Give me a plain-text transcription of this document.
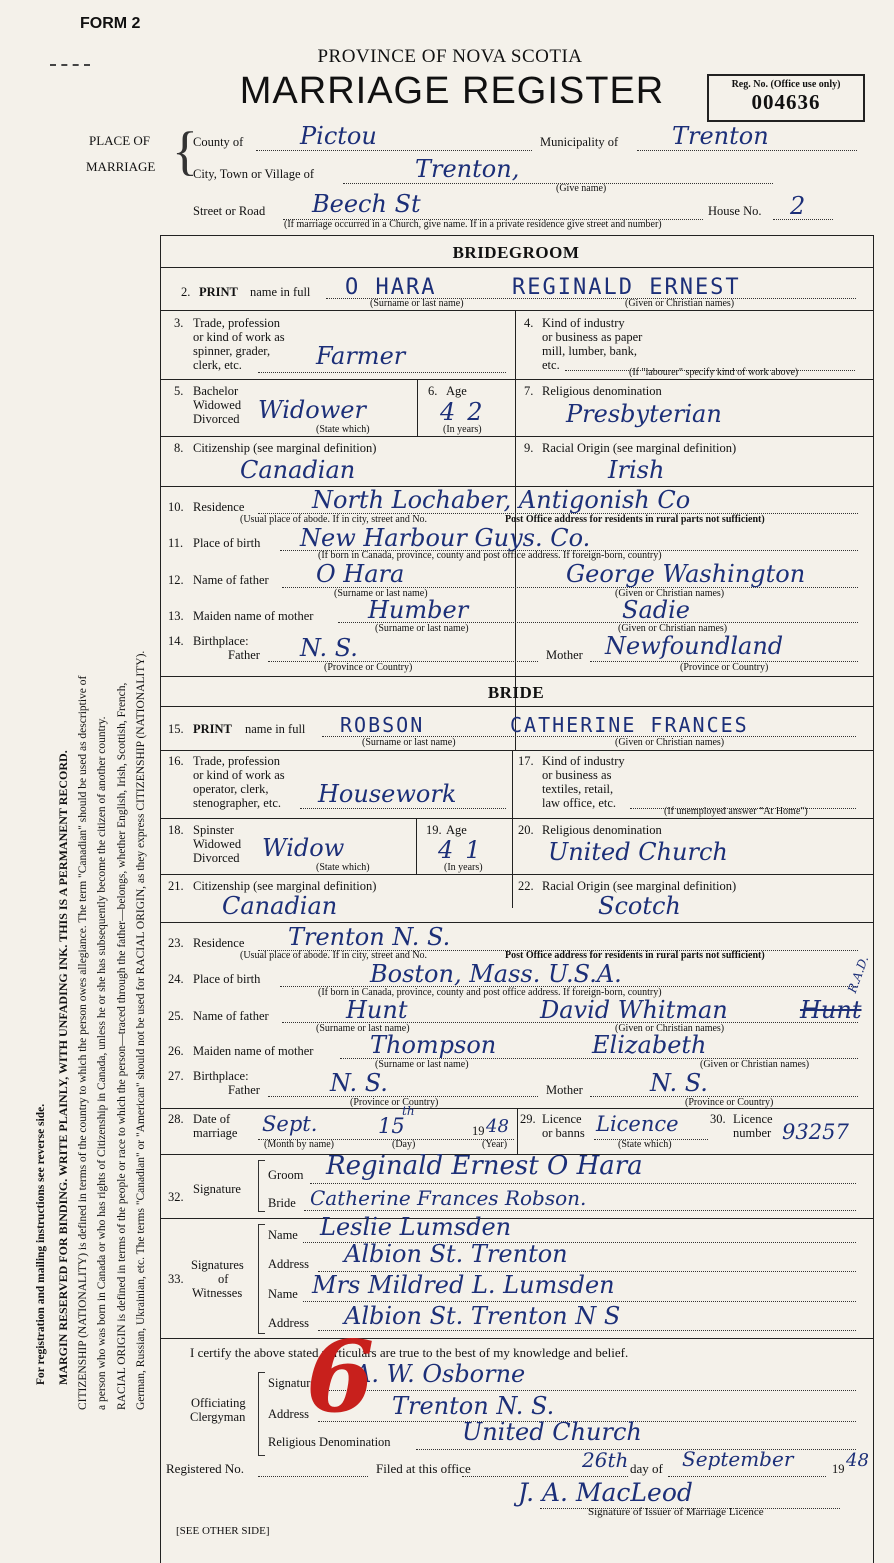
FORM 2
PROVINCE OF NOVA SCOTIA
MARRIAGE REGISTER	Reg. No. (Office use only)
004636
PLACE OF
MARRIAGE {
County of Pictou	Municipality of Trenton
City, Town or Village of	Trenton,
(Give name)
Street or Road Beech St	House No. 2
(If marriage occurred in a Church, give name. If in a private residence give street and number)
For registration and mailing instructions see reverse side. MARGIN RESERVED FOR BINDING. WRITE PLAINLY, WITH UNFADING INK. THIS IS A PERMANENT RECORD. CITIZENSHIP (NATIONALITY) is defined in terms of the country to which the person owes allegiance. The term "Canadian" should be used as descriptive of a person who was born in Canada or who has rights of Citizenship in Canada, unless he or she has subsequently become the citizen of another country. RACIAL ORIGIN is defined in terms of the people or race to which the person—traced through the father—belongs, whether English, Irish, Scottish, French, German, Russian, Ukrainian, etc. The terms "Canadian" or "American" should not be used for RACIAL ORIGIN, as they express CITIZENSHIP (NATIONALITY).
BRIDEGROOM
2. PRINT name in full O HARA	REGINALD ERNEST
(Surname or last name)	(Given or Christian names)
3. Trade, profession
or kind of work as
spinner, grader,
clerk, etc.	Farmer
4. Kind of industry
or business as paper
mill, lumber, bank,
etc.
(If "labourer" specify kind of work above)
5. Bachelor
Widowed
Divorced Widower
(State which)
6. Age
42
(In years)
7. Religious denomination
Presbyterian
8. Citizenship (see marginal definition)
Canadian
9. Racial Origin (see marginal definition)
Irish
10. Residence	North Lochaber, Antigonish Co
(Usual place of abode. If in city, street and No.	Post Office address for residents in rural parts not sufficient)
11. Place of birth New Harbour Guys. Co.
(If born in Canada, province, county and post office address. If foreign-born, country)
12. Name of father O Hara	George Washington
(Surname or last name)	(Given or Christian names)
13. Maiden name of mother Humber	Sadie
(Surname or last name)	(Given or Christian names)
14. Birthplace:
Father N. S.	Mother Newfoundland
(Province or Country)	(Province or Country)
BRIDE
15. PRINT name in full ROBSON	CATHERINE FRANCES
(Surname or last name)	(Given or Christian names)
16. Trade, profession
or kind of work as
operator, clerk,
stenographer, etc. Housework
17. Kind of industry
or business as
textiles, retail,
law office, etc.
(If unemployed answer "At Home")
18. Spinster
Widowed
Divorced Widow
(State which)
19. Age
41
(In years)
20. Religious denomination
United Church
21. Citizenship (see marginal definition)
Canadian
22. Racial Origin (see marginal definition)
Scotch
23. Residence Trenton N. S.
(Usual place of abode. If in city, street and No.	Post Office address for residents in rural parts not sufficient)
24. Place of birth	Boston, Mass. U.S.A.
(If born in Canada, province, county and post office address. If foreign-born, country)
25. Name of father	Hunt	David Whitman	Hunt
R.A.D.
(Surname or last name)	(Given or Christian names)
26. Maiden name of mother Thompson	Elizabeth
(Surname or last name)	(Given or Christian names)
27. Birthplace:
Father	N. S.	Mother	N. S.
(Province or Country)	(Province or Country)
28. Date of
marriage Sept.	15
th
19 48
(Month by name)	(Day)	(Year)
29. Licence
or banns Licence
(State which)
30. Licence
number 93257
32.
Signature
Groom Reginald Ernest O Hara
Bride Catherine Frances Robson.
33.
Signatures
of
Witnesses
Name Leslie Lumsden
Address Albion St. Trenton
Name Mrs Mildred L. Lumsden
Address Albion St. Trenton N S
I certify the above stated particulars are true to the best of my knowledge and belief.
Officiating
Clergyman
Signature A. W. Osborne
Address	Trenton N. S.
Religious Denomination	United Church
6
Registered No.	Filed at this office	26th day of September	19 48
J. A. MacLeod
Signature of Issuer of Marriage Licence
[SEE OTHER SIDE]
